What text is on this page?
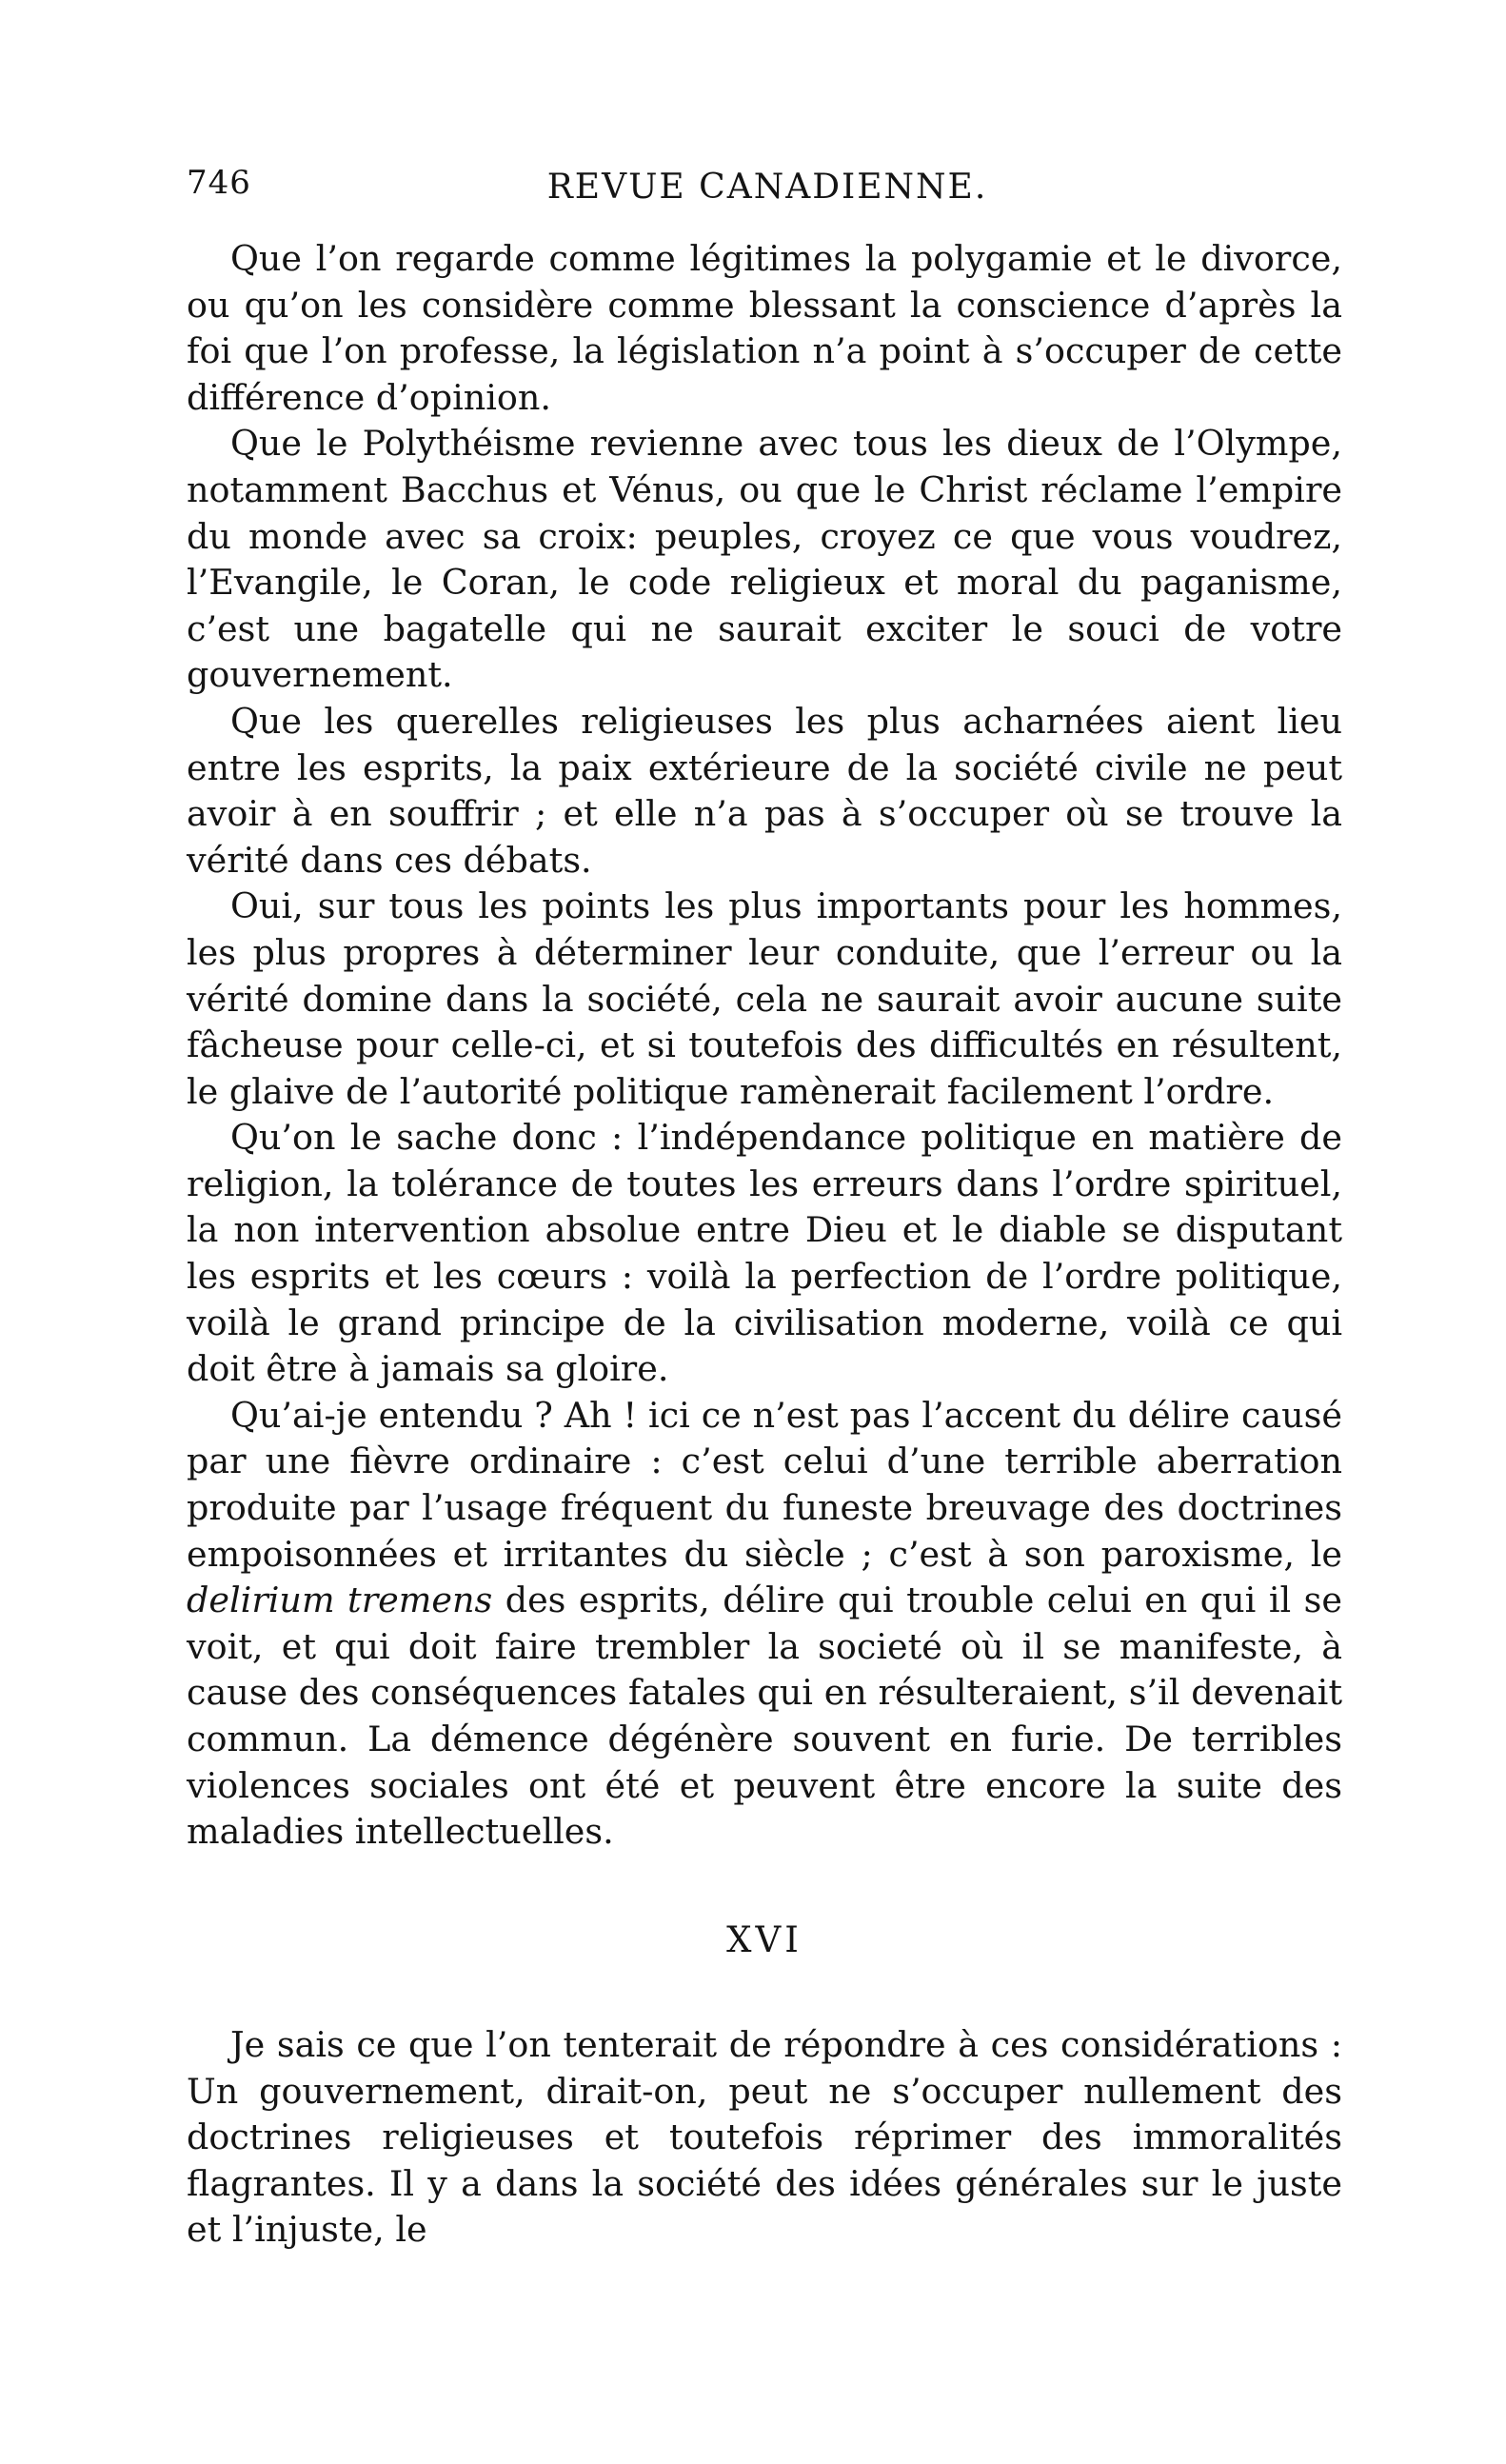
746	REVUE CANADIENNE.

Que l’on regarde comme légitimes la polygamie et le divorce, ou qu’on les considère comme blessant la conscience d’après la foi que l’on professe, la législation n’a point à s’occuper de cette différence d’opinion.

Que le Polythéisme revienne avec tous les dieux de l’Olympe, notamment Bacchus et Vénus, ou que le Christ réclame l’empire du monde avec sa croix: peuples, croyez ce que vous voudrez, l’Evangile, le Coran, le code religieux et moral du paganisme, c’est une bagatelle qui ne saurait exciter le souci de votre gouvernement.

Que les querelles religieuses les plus acharnées aient lieu entre les esprits, la paix extérieure de la société civile ne peut avoir à en souffrir ; et elle n’a pas à s’occuper où se trouve la vérité dans ces débats.

Oui, sur tous les points les plus importants pour les hommes, les plus propres à déterminer leur conduite, que l’erreur ou la vérité domine dans la société, cela ne saurait avoir aucune suite fâcheuse pour celle-ci, et si toutefois des difficultés en résultent, le glaive de l’autorité politique ramènerait facilement l’ordre.

Qu’on le sache donc : l’indépendance politique en matière de religion, la tolérance de toutes les erreurs dans l’ordre spirituel, la non intervention absolue entre Dieu et le diable se disputant les esprits et les cœurs : voilà la perfection de l’ordre politique, voilà le grand principe de la civilisation moderne, voilà ce qui doit être à jamais sa gloire.

Qu’ai-je entendu ? Ah ! ici ce n’est pas l’accent du délire causé par une fièvre ordinaire : c’est celui d’une terrible aberration produite par l’usage fréquent du funeste breuvage des doctrines empoisonnées et irritantes du siècle ; c’est à son paroxisme, le delirium tremens des esprits, délire qui trouble celui en qui il se voit, et qui doit faire trembler la societé où il se manifeste, à cause des conséquences fatales qui en résulteraient, s’il devenait commun. La démence dégénère souvent en furie. De terribles violences sociales ont été et peuvent être encore la suite des maladies intellectuelles.

XVI

Je sais ce que l’on tenterait de répondre à ces considérations : Un gouvernement, dirait-on, peut ne s’occuper nullement des doctrines religieuses et toutefois réprimer des immoralités flagrantes. Il y a dans la société des idées générales sur le juste et l’injuste, le
